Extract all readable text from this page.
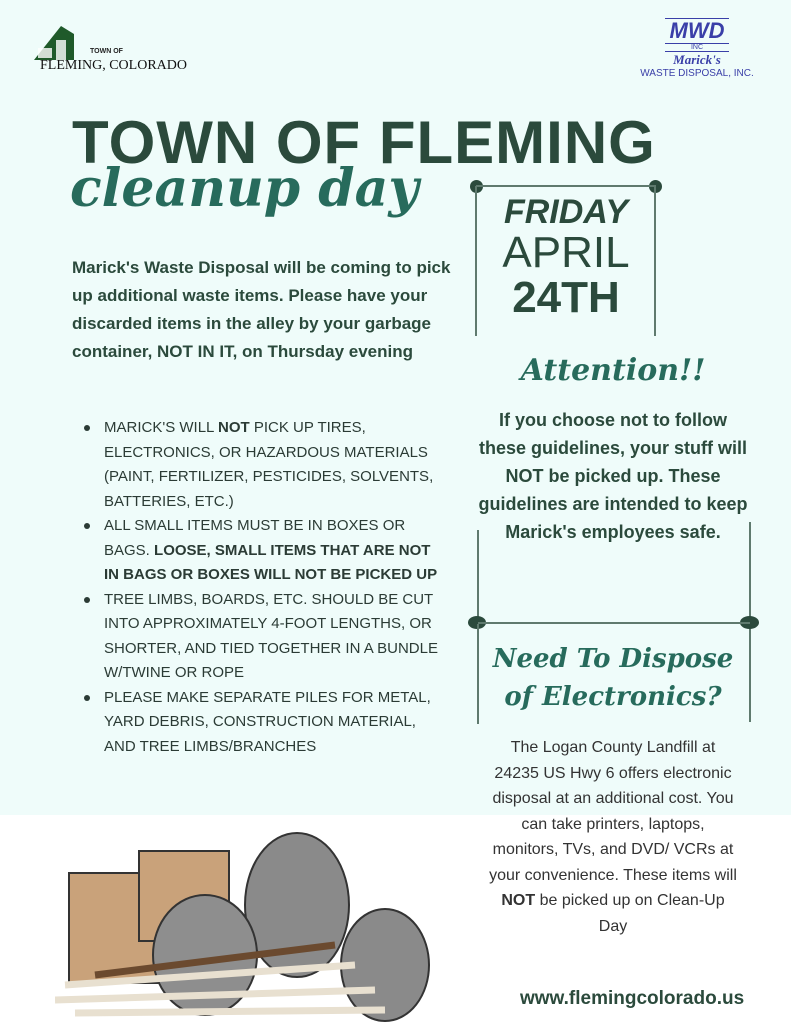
TOWN OF
FLEMING, COLORADO
MWD
INC
Marick's
WASTE DISPOSAL, INC.
TOWN OF FLEMING
cleanup day
Marick's Waste Disposal will be coming to pick up additional waste items. Please have your discarded items in the alley by your garbage container, NOT IN IT, on Thursday evening
MARICK'S WILL NOT PICK UP TIRES, ELECTRONICS, OR HAZARDOUS MATERIALS (PAINT, FERTILIZER, PESTICIDES, SOLVENTS, BATTERIES, ETC.)
ALL SMALL ITEMS MUST BE IN BOXES OR BAGS. LOOSE, SMALL ITEMS THAT ARE NOT IN BAGS OR BOXES WILL NOT BE PICKED UP
TREE LIMBS, BOARDS, ETC. SHOULD BE CUT INTO APPROXIMATELY 4-FOOT LENGTHS, OR SHORTER, AND TIED TOGETHER IN A BUNDLE W/TWINE OR ROPE
PLEASE MAKE SEPARATE PILES FOR METAL, YARD DEBRIS, CONSTRUCTION MATERIAL, AND TREE LIMBS/BRANCHES
FRIDAY
APRIL
24TH
Attention!!
If you choose not to follow these guidelines, your stuff will NOT be picked up. These guidelines are intended to keep Marick's employees safe.
Need To Dispose of Electronics?
The Logan County Landfill at 24235 US Hwy 6 offers electronic disposal at an additional cost. You can take printers, laptops, monitors, TVs, and DVD/ VCRs at your convenience. These items will NOT be picked up on Clean-Up Day
www.flemingcolorado.us
